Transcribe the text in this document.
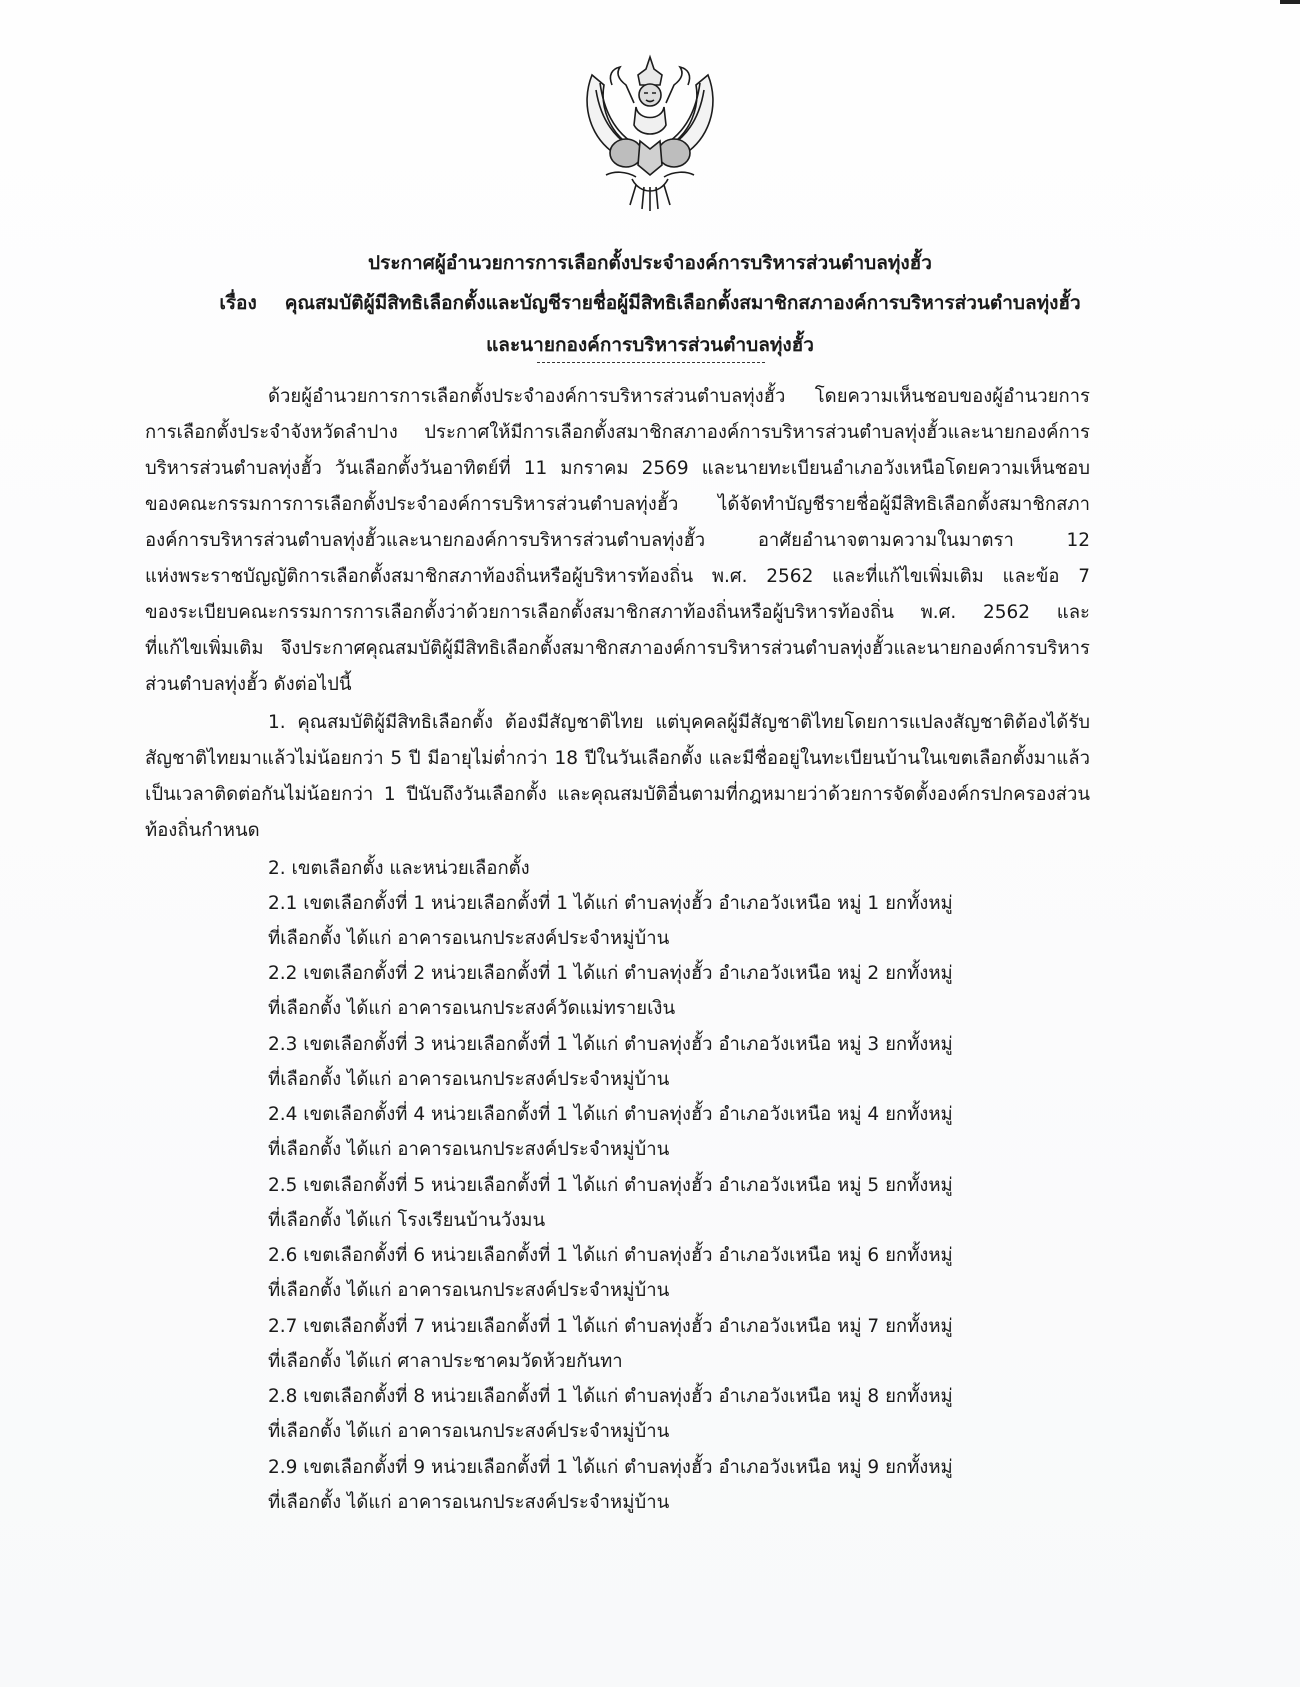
ประกาศผู้อำนวยการการเลือกตั้งประจำองค์การบริหารส่วนตำบลทุ่งฮั้ว
เรื่อง คุณสมบัติผู้มีสิทธิเลือกตั้งและบัญชีรายชื่อผู้มีสิทธิเลือกตั้งสมาชิกสภาองค์การบริหารส่วนตำบลทุ่งฮั้ว
และนายกองค์การบริหารส่วนตำบลทุ่งฮั้ว
ด้วยผู้อำนวยการการเลือกตั้งประจำองค์การบริหารส่วนตำบลทุ่งฮั้ว โดยความเห็นชอบของผู้อำนวยการ
การเลือกตั้งประจำจังหวัดลำปาง ประกาศให้มีการเลือกตั้งสมาชิกสภาองค์การบริหารส่วนตำบลทุ่งฮั้วและนายกองค์การ
บริหารส่วนตำบลทุ่งฮั้ว วันเลือกตั้งวันอาทิตย์ที่ 11 มกราคม 2569 และนายทะเบียนอำเภอวังเหนือโดยความเห็นชอบ
ของคณะกรรมการการเลือกตั้งประจำองค์การบริหารส่วนตำบลทุ่งฮั้ว ได้จัดทำบัญชีรายชื่อผู้มีสิทธิเลือกตั้งสมาชิกสภา
องค์การบริหารส่วนตำบลทุ่งฮั้วและนายกองค์การบริหารส่วนตำบลทุ่งฮั้ว อาศัยอำนาจตามความในมาตรา 12
แห่งพระราชบัญญัติการเลือกตั้งสมาชิกสภาท้องถิ่นหรือผู้บริหารท้องถิ่น พ.ศ. 2562 และที่แก้ไขเพิ่มเติม และข้อ 7
ของระเบียบคณะกรรมการการเลือกตั้งว่าด้วยการเลือกตั้งสมาชิกสภาท้องถิ่นหรือผู้บริหารท้องถิ่น พ.ศ. 2562 และ
ที่แก้ไขเพิ่มเติม จึงประกาศคุณสมบัติผู้มีสิทธิเลือกตั้งสมาชิกสภาองค์การบริหารส่วนตำบลทุ่งฮั้วและนายกองค์การบริหาร
ส่วนตำบลทุ่งฮั้ว ดังต่อไปนี้
1. คุณสมบัติผู้มีสิทธิเลือกตั้ง ต้องมีสัญชาติไทย แต่บุคคลผู้มีสัญชาติไทยโดยการแปลงสัญชาติต้องได้รับ
สัญชาติไทยมาแล้วไม่น้อยกว่า 5 ปี มีอายุไม่ต่ำกว่า 18 ปีในวันเลือกตั้ง และมีชื่ออยู่ในทะเบียนบ้านในเขตเลือกตั้งมาแล้ว
เป็นเวลาติดต่อกันไม่น้อยกว่า 1 ปีนับถึงวันเลือกตั้ง และคุณสมบัติอื่นตามที่กฎหมายว่าด้วยการจัดตั้งองค์กรปกครองส่วน
ท้องถิ่นกำหนด
2. เขตเลือกตั้ง และหน่วยเลือกตั้ง
2.1 เขตเลือกตั้งที่ 1 หน่วยเลือกตั้งที่ 1 ได้แก่ ตำบลทุ่งฮั้ว อำเภอวังเหนือ หมู่ 1 ยกทั้งหมู่
ที่เลือกตั้ง ได้แก่ อาคารอเนกประสงค์ประจำหมู่บ้าน
2.2 เขตเลือกตั้งที่ 2 หน่วยเลือกตั้งที่ 1 ได้แก่ ตำบลทุ่งฮั้ว อำเภอวังเหนือ หมู่ 2 ยกทั้งหมู่
ที่เลือกตั้ง ได้แก่ อาคารอเนกประสงค์วัดแม่ทรายเงิน
2.3 เขตเลือกตั้งที่ 3 หน่วยเลือกตั้งที่ 1 ได้แก่ ตำบลทุ่งฮั้ว อำเภอวังเหนือ หมู่ 3 ยกทั้งหมู่
ที่เลือกตั้ง ได้แก่ อาคารอเนกประสงค์ประจำหมู่บ้าน
2.4 เขตเลือกตั้งที่ 4 หน่วยเลือกตั้งที่ 1 ได้แก่ ตำบลทุ่งฮั้ว อำเภอวังเหนือ หมู่ 4 ยกทั้งหมู่
ที่เลือกตั้ง ได้แก่ อาคารอเนกประสงค์ประจำหมู่บ้าน
2.5 เขตเลือกตั้งที่ 5 หน่วยเลือกตั้งที่ 1 ได้แก่ ตำบลทุ่งฮั้ว อำเภอวังเหนือ หมู่ 5 ยกทั้งหมู่
ที่เลือกตั้ง ได้แก่ โรงเรียนบ้านวังมน
2.6 เขตเลือกตั้งที่ 6 หน่วยเลือกตั้งที่ 1 ได้แก่ ตำบลทุ่งฮั้ว อำเภอวังเหนือ หมู่ 6 ยกทั้งหมู่
ที่เลือกตั้ง ได้แก่ อาคารอเนกประสงค์ประจำหมู่บ้าน
2.7 เขตเลือกตั้งที่ 7 หน่วยเลือกตั้งที่ 1 ได้แก่ ตำบลทุ่งฮั้ว อำเภอวังเหนือ หมู่ 7 ยกทั้งหมู่
ที่เลือกตั้ง ได้แก่ ศาลาประชาคมวัดห้วยกันทา
2.8 เขตเลือกตั้งที่ 8 หน่วยเลือกตั้งที่ 1 ได้แก่ ตำบลทุ่งฮั้ว อำเภอวังเหนือ หมู่ 8 ยกทั้งหมู่
ที่เลือกตั้ง ได้แก่ อาคารอเนกประสงค์ประจำหมู่บ้าน
2.9 เขตเลือกตั้งที่ 9 หน่วยเลือกตั้งที่ 1 ได้แก่ ตำบลทุ่งฮั้ว อำเภอวังเหนือ หมู่ 9 ยกทั้งหมู่
ที่เลือกตั้ง ได้แก่ อาคารอเนกประสงค์ประจำหมู่บ้าน
